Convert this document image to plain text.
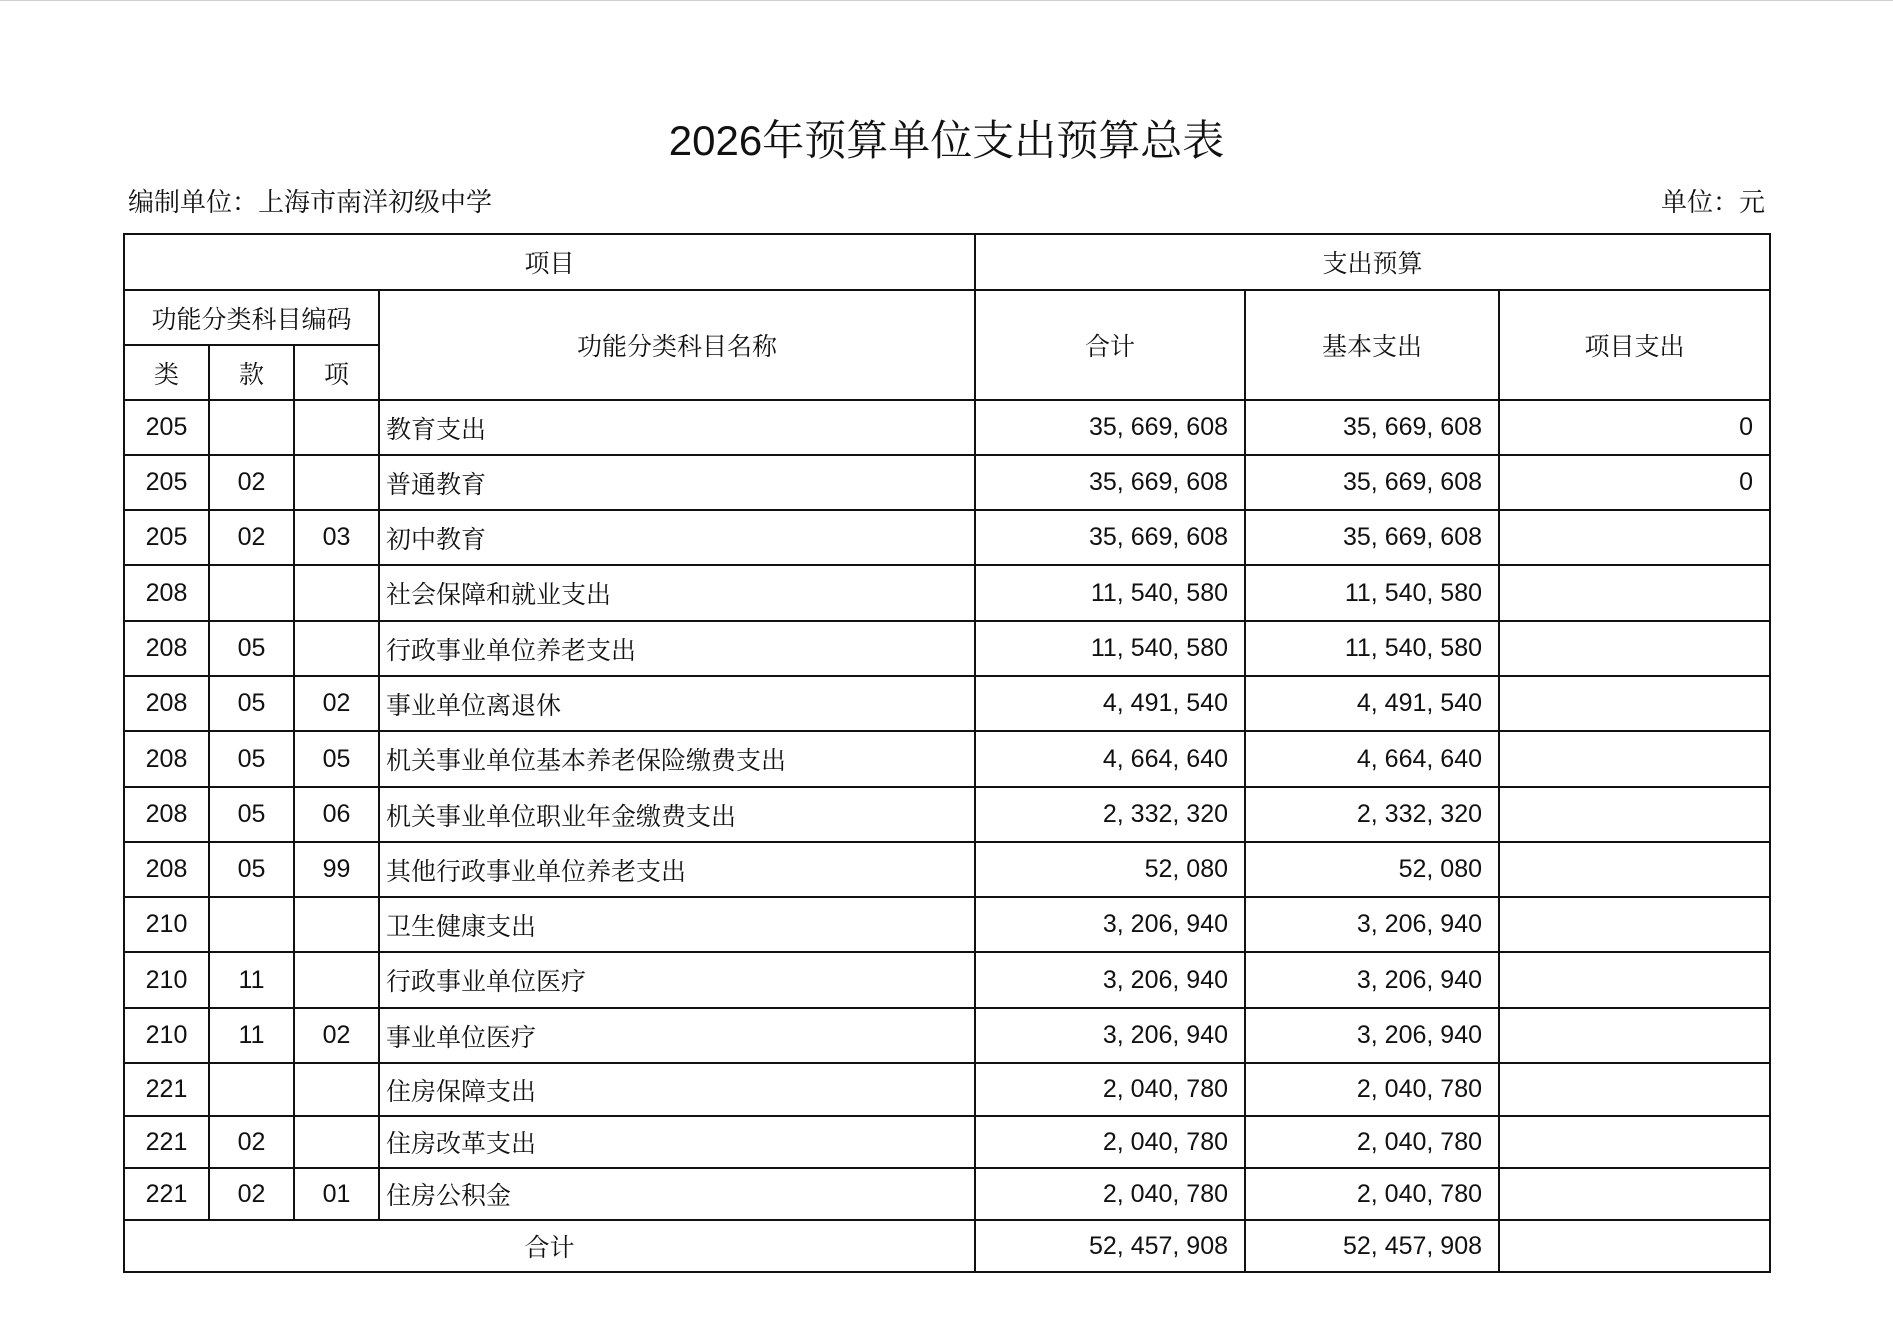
2026年预算单位支出预算总表
编制单位：上海市南洋初级中学	单位：元
项目				支出预算		
功能分类科目编码			功能分类科目名称	合计	基本支出	项目支出
类	款	项				
205			教育支出	35, 669, 608	35, 669, 608	0
205	02		普通教育	35, 669, 608	35, 669, 608	0
205	02	03	初中教育	35, 669, 608	35, 669, 608	
208			社会保障和就业支出	11, 540, 580	11, 540, 580	
208	05		行政事业单位养老支出	11, 540, 580	11, 540, 580	
208	05	02	事业单位离退休	4, 491, 540	4, 491, 540	
208	05	05	机关事业单位基本养老保险缴费支出	4, 664, 640	4, 664, 640	
208	05	06	机关事业单位职业年金缴费支出	2, 332, 320	2, 332, 320	
208	05	99	其他行政事业单位养老支出	52, 080	52, 080	
210			卫生健康支出	3, 206, 940	3, 206, 940	
210	11		行政事业单位医疗	3, 206, 940	3, 206, 940	
210	11	02	事业单位医疗	3, 206, 940	3, 206, 940	
221			住房保障支出	2, 040, 780	2, 040, 780	
221	02		住房改革支出	2, 040, 780	2, 040, 780	
221	02	01	住房公积金	2, 040, 780	2, 040, 780	
合计				52, 457, 908	52, 457, 908	
